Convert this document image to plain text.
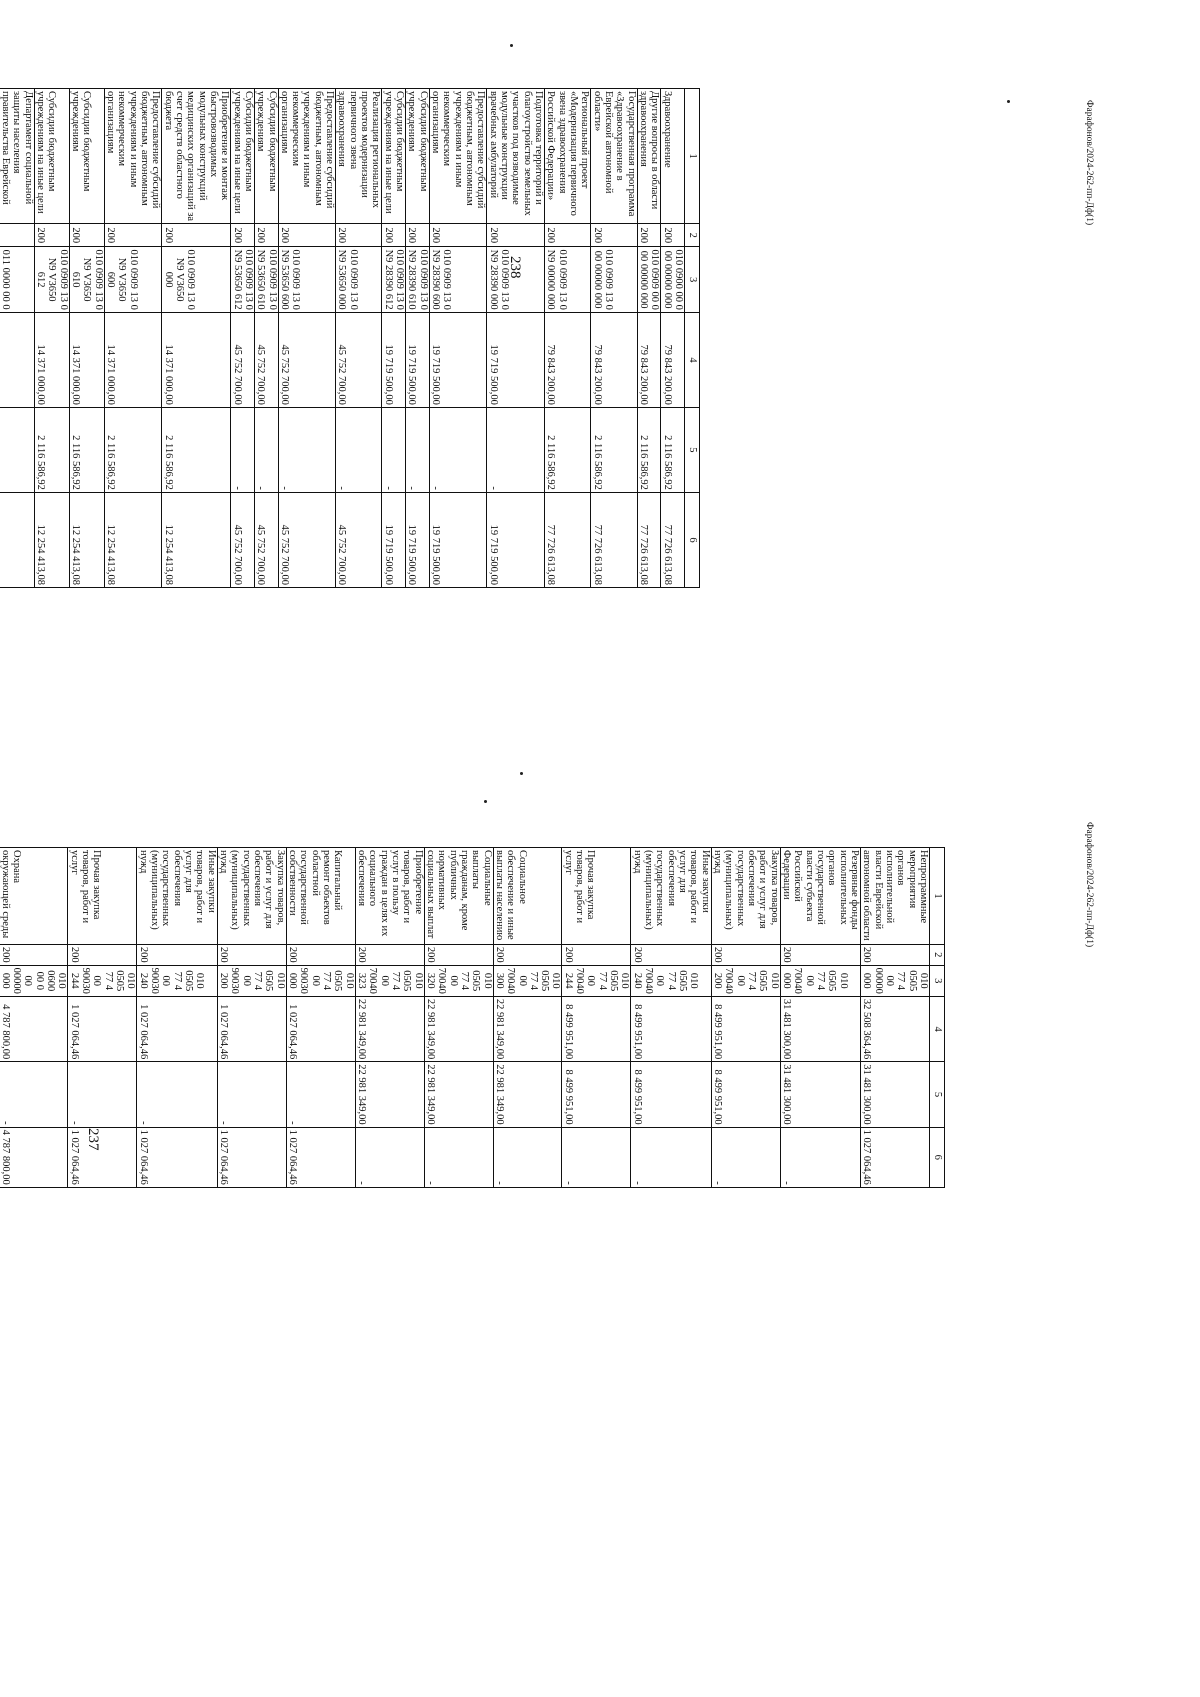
237
238
Фарафонов/2024-262-пп-Дф(1)
Фарафонов/2024-262-пп-Дф(1)
1	2	3	4	5	6
Непрограммные мероприятия органов исполнительной власти Еврейской автономной области	200	010 0505 77 4 00 00000 000	32 508 364,46	31 481 300,00	1 027 064,46
Резервные фонды исполнительных органов государственной власти субъекта Российской Федерации	200	010 0505 77 4 00 70040 000	31 481 300,00	31 481 300,00	-
Закупка товаров, работ и услуг для обеспечения государственных (муниципальных) нужд	200	010 0505 77 4 00 70040 200	8 499 951,00	8 499 951,00	-
Иные закупки товаров, работ и услуг для обеспечения государственных (муниципальных) нужд	200	010 0505 77 4 00 70040 240	8 499 951,00	8 499 951,00	-
Прочая закупка товаров, работ и услуг	200	010 0505 77 4 00 70040 244	8 499 951,00	8 499 951,00	-
Социальное обеспечение и иные выплаты населению	200	010 0505 77 4 00 70040 300	22 981 349,00	22 981 349,00	-
Социальные выплаты гражданам, кроме публичных нормативных социальных выплат	200	010 0505 77 4 00 70040 320	22 981 349,00	22 981 349,00	-
Приобретение товаров, работ и услуг в пользу граждан в целях их социального обеспечения	200	010 0505 77 4 00 70040 323	22 981 349,00	22 981 349,00	-
Капитальный ремонт объектов областной государственной собственности	200	010 0505 77 4 00 90030 000	1 027 064,46	-	1 027 064,46
Закупка товаров, работ и услуг для обеспечения государственных (муниципальных) нужд	200	010 0505 77 4 00 90030 200	1 027 064,46	-	1 027 064,46
Иные закупки товаров, работ и услуг для обеспечения государственных (муниципальных) нужд	200	010 0505 77 4 00 90030 240	1 027 064,46	-	1 027 064,46
Прочая закупка товаров, работ и услуг	200	010 0505 77 4 00 90030 244	1 027 064,46	-	1 027 064,46
Охрана окружающей среды	200	010 0600 00 0 00 00000 000	4 787 800,00	-	4 787 800,00

1	2	3	4	5	6
Здравоохранение	200	010 0900 00 0 00 00000 000	79 843 200,00	2 116 586,92	77 726 613,08
Другие вопросы в области здравоохранения	200	010 0909 00 0 00 00000 000	79 843 200,00	2 116 586,92	77 726 613,08
Государственная программа «Здравоохранение в Еврейской автономной области»	200	010 0909 13 0 00 00000 000	79 843 200,00	2 116 586,92	77 726 613,08
Региональный проект «Модернизация первичного звена здравоохранения Российской Федерации»	200	010 0909 13 0 N9 00000 000	79 843 200,00	2 116 586,92	77 726 613,08
Подготовка территорий и благоустройство земельных участков под возводимые модульные конструкции врачебных амбулаторий	200	010 0909 13 0 N9 28390 000	19 719 500,00	-	19 719 500,00
Предоставление субсидий бюджетным, автономным учреждениям и иным некоммерческим организациям	200	010 0909 13 0 N9 28390 600	19 719 500,00	-	19 719 500,00
Субсидии бюджетным учреждениям	200	010 0909 13 0 N9 28390 610	19 719 500,00	-	19 719 500,00
Субсидии бюджетным учреждениям на иные цели	200	010 0909 13 0 N9 28390 612	19 719 500,00	-	19 719 500,00
Реализация региональных проектов модернизации первичного звена здравоохранения	200	010 0909 13 0 N9 53650 000	45 752 700,00	-	45 752 700,00
Предоставление субсидий бюджетным, автономным учреждениям и иным некоммерческим организациям	200	010 0909 13 0 N9 53650 600	45 752 700,00	-	45 752 700,00
Субсидии бюджетным учреждениям	200	010 0909 13 0 N9 53650 610	45 752 700,00	-	45 752 700,00
Субсидии бюджетным учреждениям на иные цели	200	010 0909 13 0 N9 53650 612	45 752 700,00	-	45 752 700,00
Приобретение и монтаж быстровозводимых модульных конструкций медицинских организаций за счет средств областного бюджета	200	010 0909 13 0 N9 V3650 000	14 371 000,00	2 116 586,92	12 254 413,08
Предоставление субсидий бюджетным, автономным учреждениям и иным некоммерческим организациям	200	010 0909 13 0 N9 V3650 600	14 371 000,00	2 116 586,92	12 254 413,08
Субсидии бюджетным учреждениям	200	010 0909 13 0 N9 V3650 610	14 371 000,00	2 116 586,92	12 254 413,08
Субсидии бюджетным учреждениям на иные цели	200	010 0909 13 0 N9 V3650 612	14 371 000,00	2 116 586,92	12 254 413,08
Департамент социальной защиты населения правительства Еврейской		011 0000 00 0			
